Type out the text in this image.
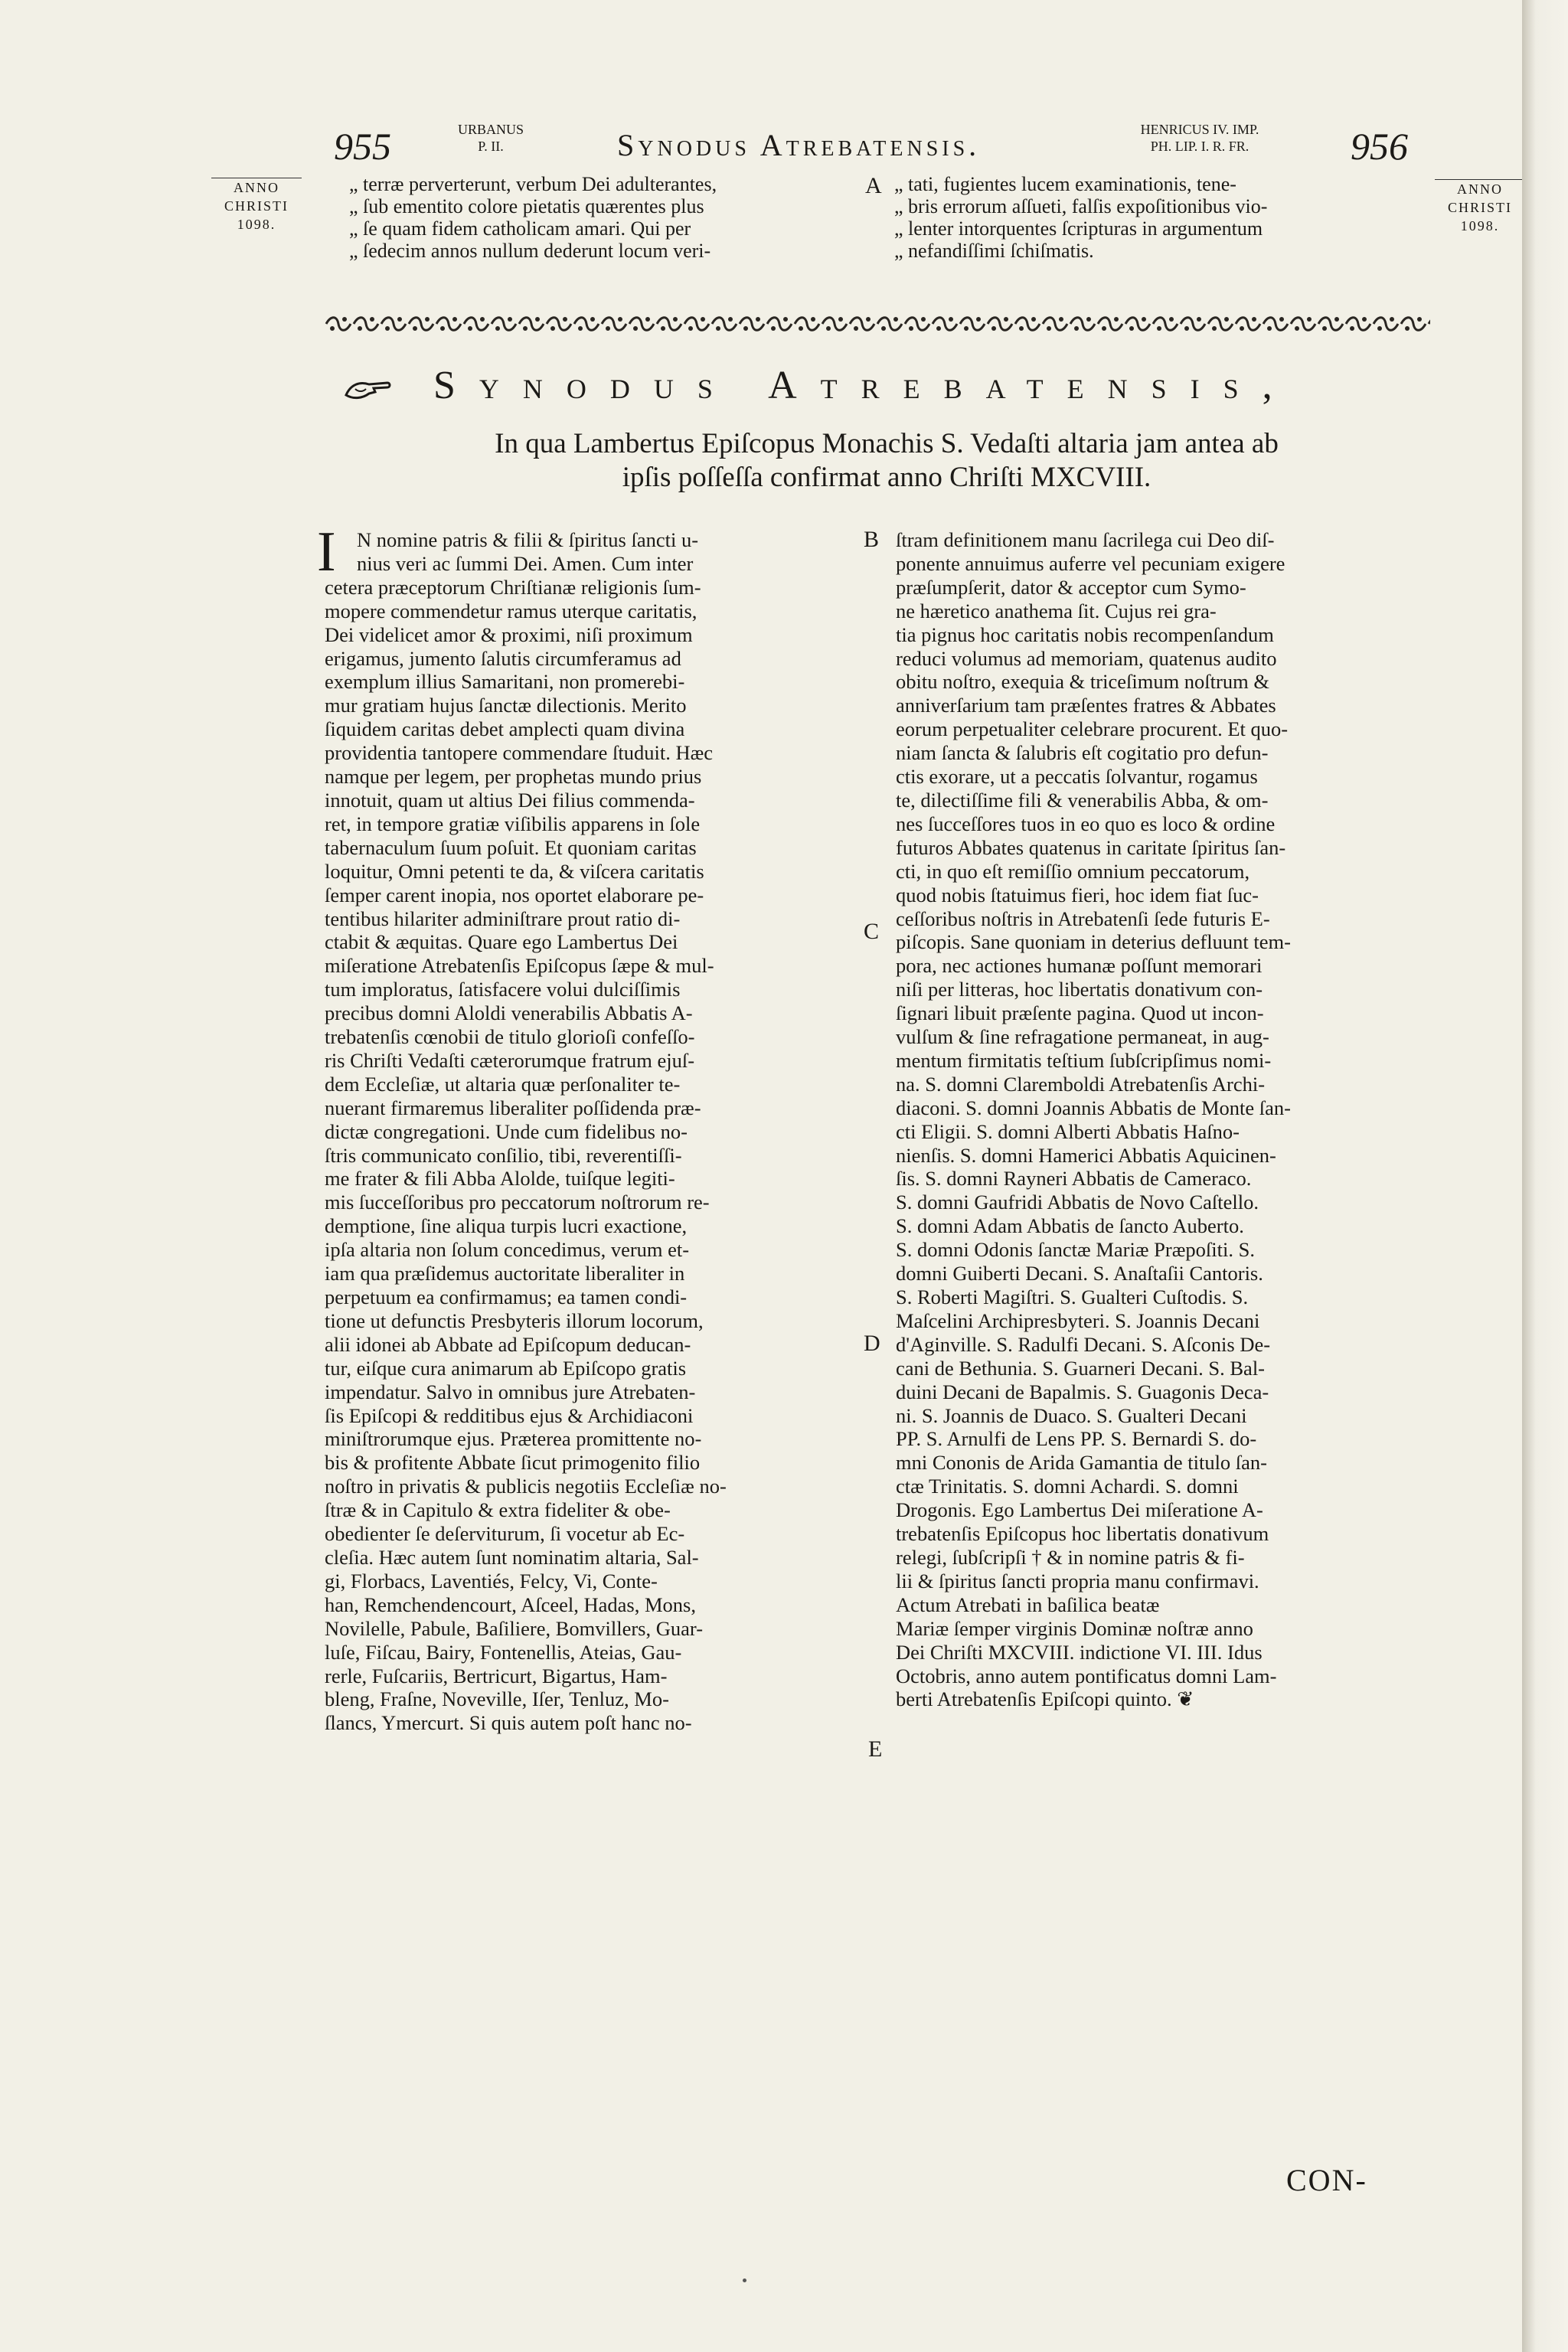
955	URBANUS
P. II.	Synodus Atrebatensis.	HENRICUS IV. IMP.
PH. LIP. I. R. FR.	956
ANNO
CHRISTI
1098.
ANNO
CHRISTI
1098.
„ terræ perverterunt, verbum Dei adulterantes,
„ ſub ementito colore pietatis quærentes plus
„ ſe quam fidem catholicam amari. Qui per
„ ſedecim annos nullum dederunt locum veri-
A „ tati, fugientes lucem examinationis, tene-
„ bris errorum aſſueti, falſis expoſitionibus vio-
„ lenter intorquentes ſcripturas in argumentum
„ nefandiſſimi ſchiſmatis.
Synodus Atrebatensis,
In qua Lambertus Epiſcopus Monachis S. Vedaſti altaria jam antea ab
ipſis poſſeſſa confirmat anno Chriſti MXCVIII.
I	N nomine patris & filii & ſpiritus ſancti u-
nius veri ac ſummi Dei. Amen. Cum inter
cetera præceptorum Chriſtianæ religionis ſum-
mopere commendetur ramus uterque caritatis,
Dei videlicet amor & proximi, niſi proximum
erigamus, jumento ſalutis circumferamus ad
exemplum illius Samaritani, non promerebi-
mur gratiam hujus ſanctæ dilectionis. Merito
ſiquidem caritas debet amplecti quam divina
providentia tantopere commendare ſtuduit. Hæc
namque per legem, per prophetas mundo prius
innotuit, quam ut altius Dei filius commenda-
ret, in tempore gratiæ viſibilis apparens in ſole
tabernaculum ſuum poſuit. Et quoniam caritas
loquitur, Omni petenti te da, & viſcera caritatis
ſemper carent inopia, nos oportet elaborare pe-
tentibus hilariter adminiſtrare prout ratio di-
ctabit & æquitas. Quare ego Lambertus Dei
miſeratione Atrebatenſis Epiſcopus ſæpe & mul-
tum imploratus, ſatisfacere volui dulciſſimis
precibus domni Aloldi venerabilis Abbatis A-
trebatenſis cœnobii de titulo glorioſi confeſſo-
ris Chriſti Vedaſti cæterorumque fratrum ejuſ-
dem Eccleſiæ, ut altaria quæ perſonaliter te-
nuerant firmaremus liberaliter poſſidenda præ-
dictæ congregationi. Unde cum fidelibus no-
ſtris communicato conſilio, tibi, reverentiſſi-
me frater & fili Abba Alolde, tuiſque legiti-
mis ſucceſſoribus pro peccatorum noſtrorum re-
demptione, ſine aliqua turpis lucri exactione,
ipſa altaria non ſolum concedimus, verum et-
iam qua præſidemus auctoritate liberaliter in
perpetuum ea confirmamus; ea tamen condi-
tione ut defunctis Presbyteris illorum locorum,
alii idonei ab Abbate ad Epiſcopum deducan-
tur, eiſque cura animarum ab Epiſcopo gratis
impendatur. Salvo in omnibus jure Atrebaten-
ſis Epiſcopi & redditibus ejus & Archidiaconi
miniſtrorumque ejus. Præterea promittente no-
bis & profitente Abbate ſicut primogenito filio
noſtro in privatis & publicis negotiis Eccleſiæ no-
ſtræ & in Capitulo & extra fideliter & obe-
obedienter ſe deſerviturum, ſi vocetur ab Ec-
cleſia. Hæc autem ſunt nominatim altaria, Sal-
gi, Florbacs, Laventiés, Felcy, Vi, Conte-
han, Remchendencourt, Aſceel, Hadas, Mons,
Novilelle, Pabule, Baſiliere, Bomvillers, Guar-
luſe, Fiſcau, Bairy, Fontenellis, Ateias, Gau-
rerle, Fuſcariis, Bertricurt, Bigartus, Ham-
bleng, Fraſne, Noveville, Iſer, Tenluz, Mo-
ſlancs, Ymercurt. Si quis autem poſt hanc no-
B
C
D
E
ſtram definitionem manu ſacrilega cui Deo diſ-
ponente annuimus auferre vel pecuniam exigere
præſumpſerit, dator & acceptor cum Symo-
ne hæretico anathema ſit. Cujus rei gra-
tia pignus hoc caritatis nobis recompenſandum
reduci volumus ad memoriam, quatenus audito
obitu noſtro, exequia & triceſimum noſtrum &
anniverſarium tam præſentes fratres & Abbates
eorum perpetualiter celebrare procurent. Et quo-
niam ſancta & ſalubris eſt cogitatio pro defun-
ctis exorare, ut a peccatis ſolvantur, rogamus
te, dilectiſſime fili & venerabilis Abba, & om-
nes ſucceſſores tuos in eo quo es loco & ordine
futuros Abbates quatenus in caritate ſpiritus ſan-
cti, in quo eſt remiſſio omnium peccatorum,
quod nobis ſtatuimus fieri, hoc idem fiat ſuc-
ceſſoribus noſtris in Atrebatenſi ſede futuris E-
piſcopis. Sane quoniam in deterius defluunt tem-
pora, nec actiones humanæ poſſunt memorari
niſi per litteras, hoc libertatis donativum con-
ſignari libuit præſente pagina. Quod ut incon-
vulſum & ſine refragatione permaneat, in aug-
mentum firmitatis teſtium ſubſcripſimus nomi-
na. S. domni Claremboldi Atrebatenſis Archi-
diaconi. S. domni Joannis Abbatis de Monte ſan-
cti Eligii. S. domni Alberti Abbatis Haſno-
nienſis. S. domni Hamerici Abbatis Aquicinen-
ſis. S. domni Rayneri Abbatis de Cameraco.
S. domni Gaufridi Abbatis de Novo Caſtello.
S. domni Adam Abbatis de ſancto Auberto.
S. domni Odonis ſanctæ Mariæ Præpoſiti. S.
domni Guiberti Decani. S. Anaſtaſii Cantoris.
S. Roberti Magiſtri. S. Gualteri Cuſtodis. S.
Maſcelini Archipresbyteri. S. Joannis Decani
d'Aginville. S. Radulfi Decani. S. Aſconis De-
cani de Bethunia. S. Guarneri Decani. S. Bal-
duini Decani de Bapalmis. S. Guagonis Deca-
ni. S. Joannis de Duaco. S. Gualteri Decani
PP. S. Arnulfi de Lens PP. S. Bernardi S. do-
mni Cononis de Arida Gamantia de titulo ſan-
ctæ Trinitatis. S. domni Achardi. S. domni
Drogonis. Ego Lambertus Dei miſeratione A-
trebatenſis Epiſcopus hoc libertatis donativum
relegi, ſubſcripſi † & in nomine patris & fi-
lii & ſpiritus ſancti propria manu confirmavi.
Actum Atrebati in baſilica beatæ
Mariæ ſemper virginis Dominæ noſtræ anno
Dei Chriſti MXCVIII. indictione VI. III. Idus
Octobris, anno autem pontificatus domni Lam-
berti Atrebatenſis Epiſcopi quinto. ❦
CON-
